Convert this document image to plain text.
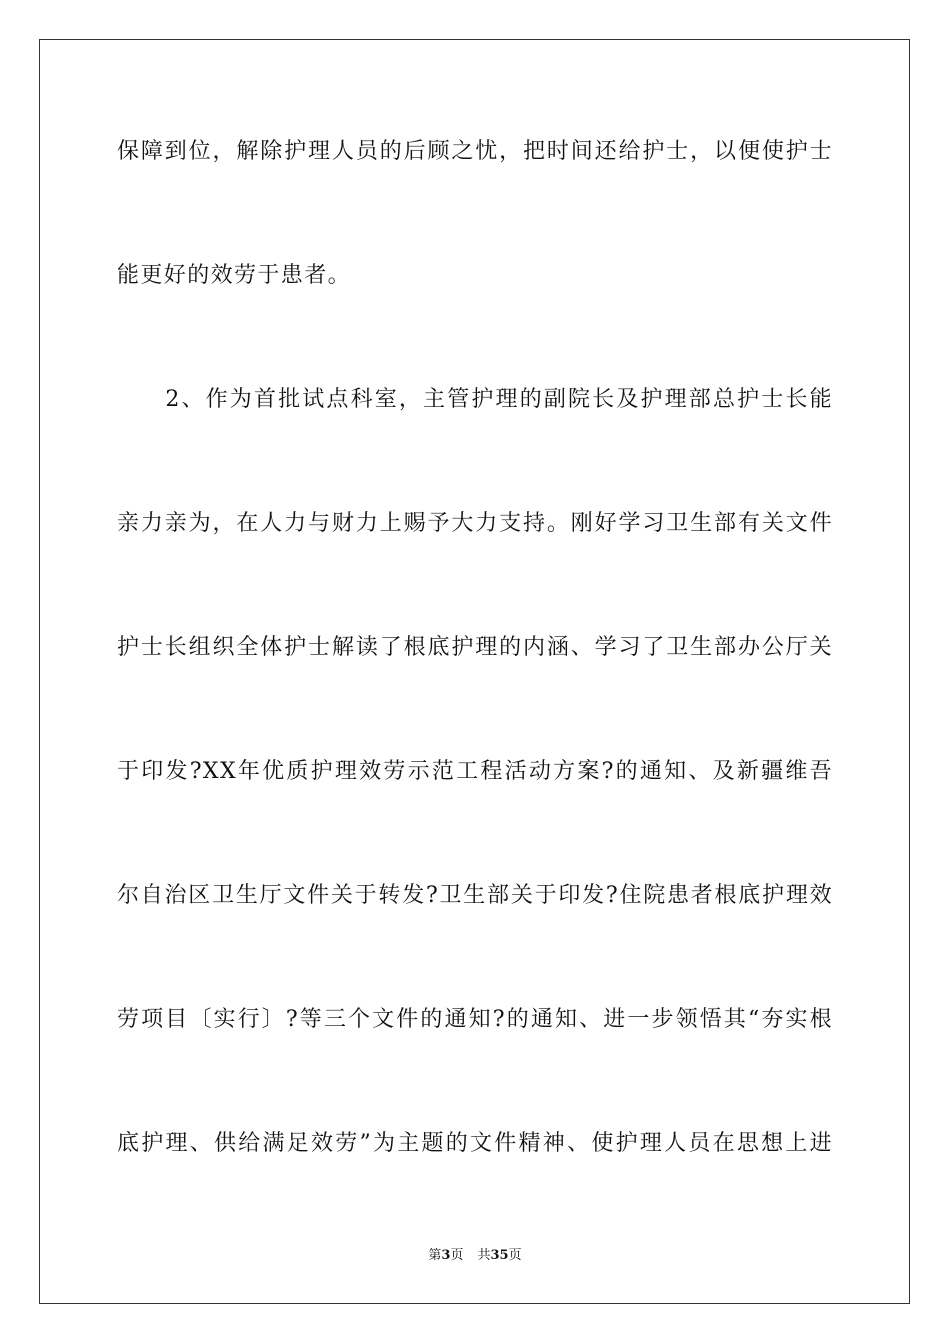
保障到位，解除护理人员的后顾之忧，把时间还给护士，以便使护士
能更好的效劳于患者。
　　2、作为首批试点科室，主管护理的副院长及护理部总护士长能
亲力亲为，在人力与财力上赐予大力支持。刚好学习卫生部有关文件
护士长组织全体护士解读了根底护理的内涵、学习了卫生部办公厅关
于印发?XX年优质护理效劳示范工程活动方案?的通知、及新疆维吾
尔自治区卫生厅文件关于转发?卫生部关于印发?住院患者根底护理效
劳项目〔实行〕?等三个文件的通知?的通知、进一步领悟其“夯实根
底护理、供给满足效劳”为主题的文件精神、使护理人员在思想上进
第3页 共35页
